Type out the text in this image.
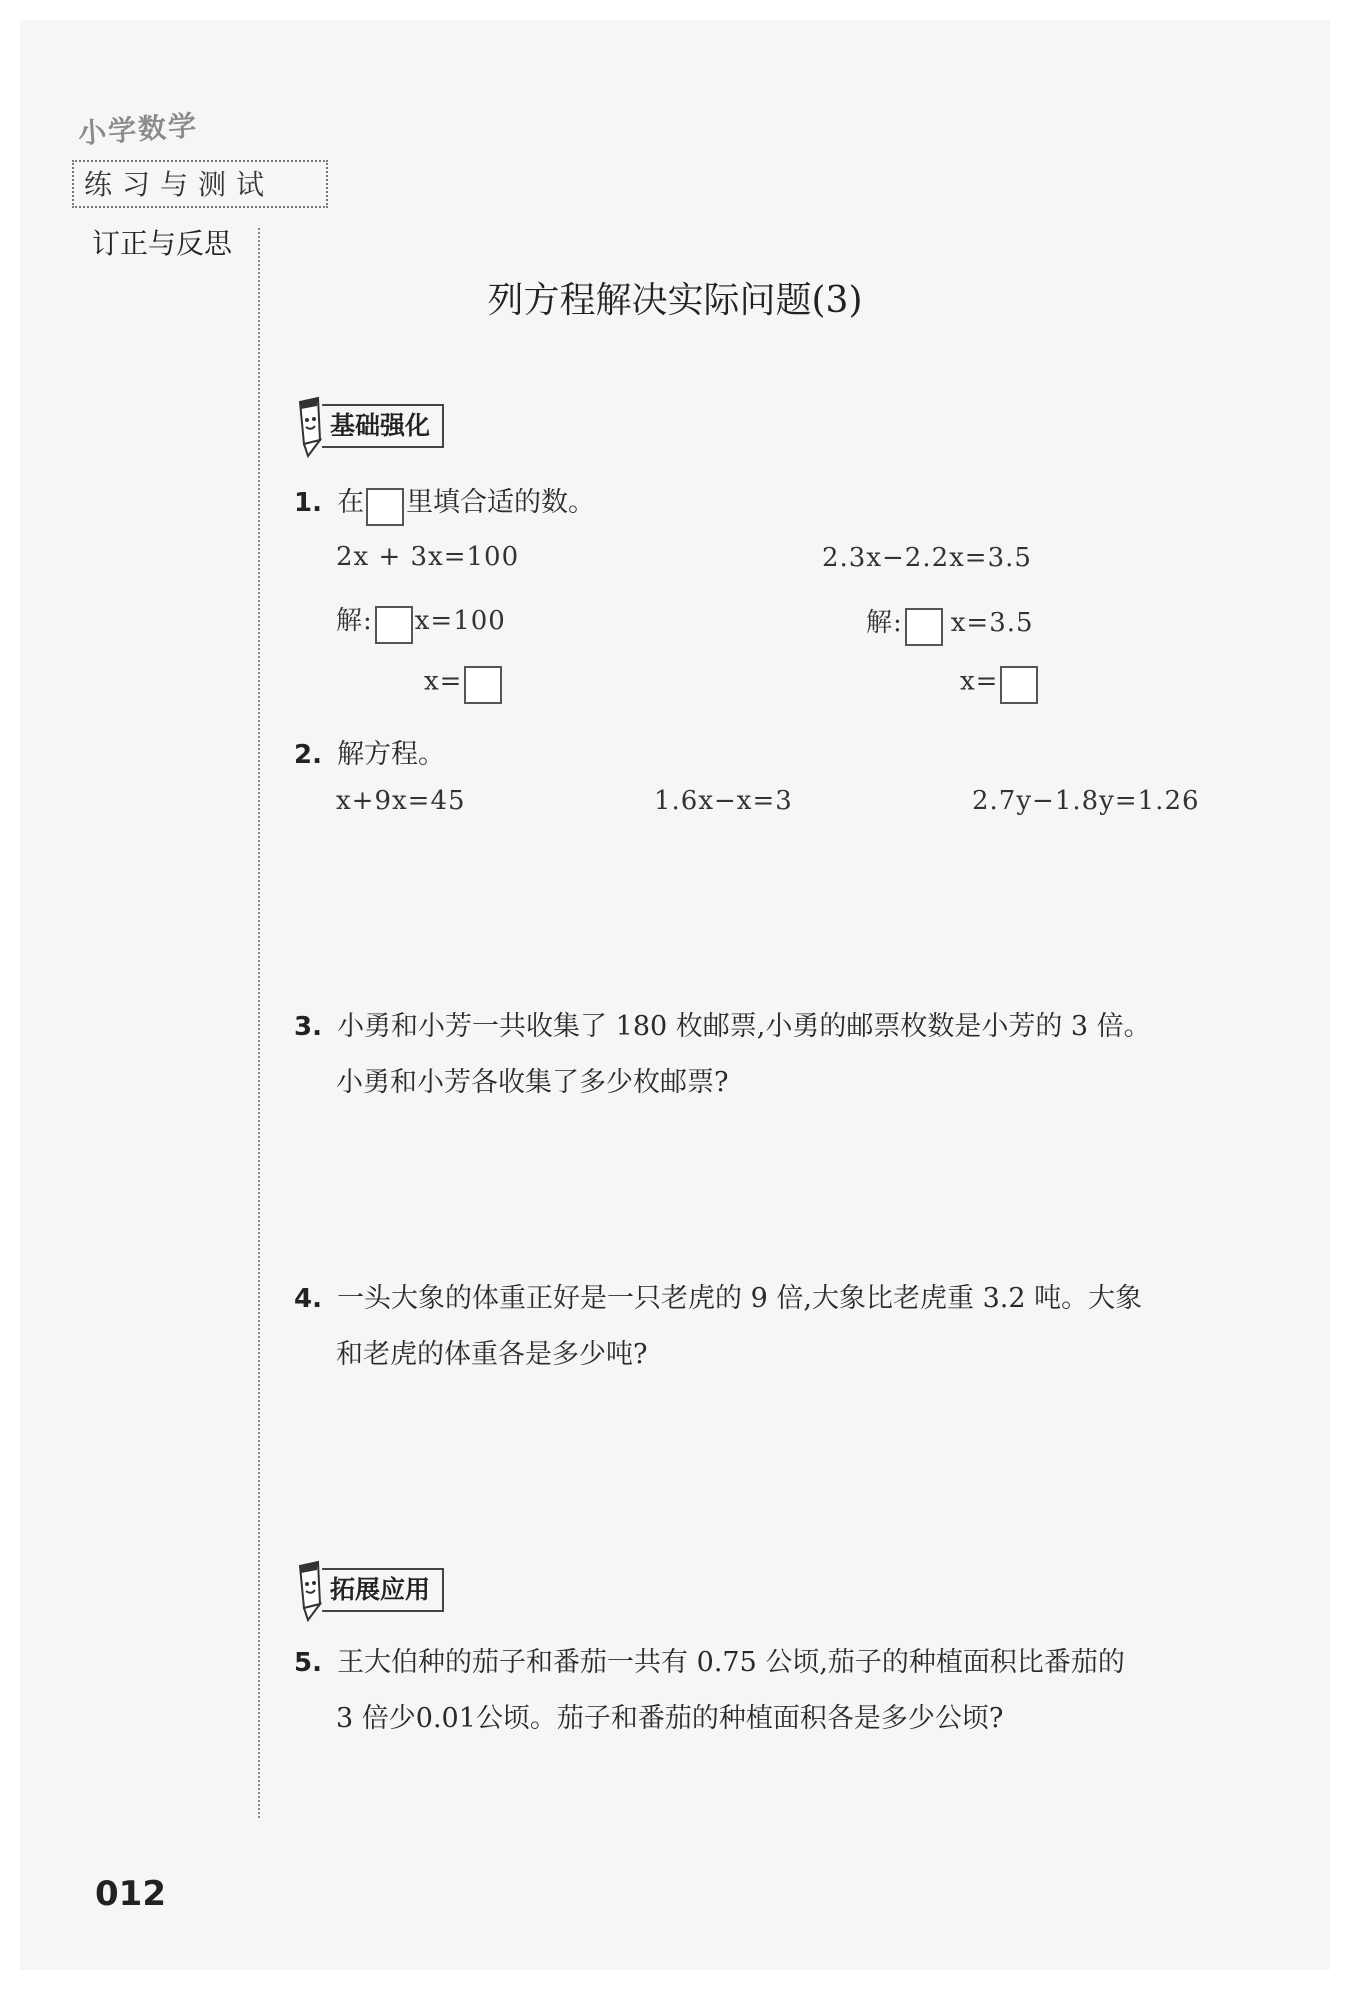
小学数学
练习与测试
订正与反思
列方程解决实际问题(3)
基础强化
1. 在 里填合适的数。
2x + 3x=100	2.3x−2.2x=3.5
解: x=100	解: x=3.5
x=	x=
2. 解方程。
x+9x=45	1.6x−x=3	2.7y−1.8y=1.26
3. 小勇和小芳一共收集了 180 枚邮票,小勇的邮票枚数是小芳的 3 倍。
小勇和小芳各收集了多少枚邮票?
4. 一头大象的体重正好是一只老虎的 9 倍,大象比老虎重 3.2 吨。大象
和老虎的体重各是多少吨?
拓展应用
5. 王大伯种的茄子和番茄一共有 0.75 公顷,茄子的种植面积比番茄的
3 倍少0.01公顷。茄子和番茄的种植面积各是多少公顷?
012
